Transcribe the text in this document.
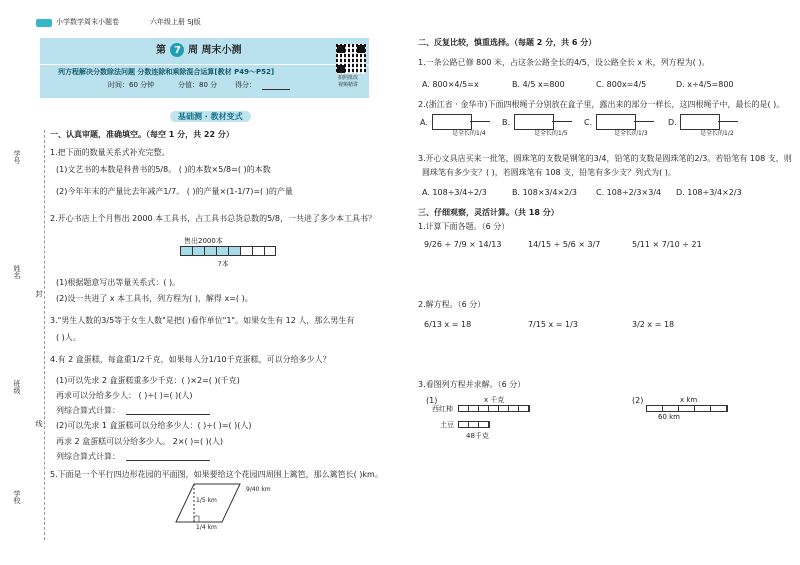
小学数学周末小题卷	六年级上册 SJ版
第 7 周 周末小测
列方程解决分数除法问题 分数连除和乘除混合运算[教材 P49～P52]
时间：60 分钟	分值：80 分	得分：
拍照批改
视频精讲
基础测 · 教材变式
学号
姓名
封
班级
线
学校
一、认真审题，准确填空。（每空 1 分，共 22 分）
1.把下面的数量关系式补充完整。
(1)文艺书的本数是科普书的5/8。 ( )的本数×5/8=( )的本数
(2)今年年末的产量比去年减产1/7。 ( )的产量×(1-1/7)=( )的产量
2.开心书店上个月售出 2000 本工具书，占工具书总货总数的5/8，一共进了多少本工具书？
售出2000本
?本
(1)根据题意写出等量关系式：( )。
(2)设一共进了 x 本工具书，列方程为( )，解得 x=( )。
3."男生人数的3/5等于女生人数"是把( )看作单位"1"。如果女生有 12 人，那么男生有
( )人。
4.有 2 盒蛋糕，每盒重1/2千克，如果每人分1/10千克蛋糕，可以分给多少人？
(1)可以先求 2 盒蛋糕重多少千克：( )×2=( )(千克)
再求可以分给多少人： ( )÷( )=( )(人)
列综合算式计算：
(2)可以先求 1 盒蛋糕可以分给多少人：( )÷( )=( )(人)
再求 2 盒蛋糕可以分给多少人。 2×( )=( )(人)
列综合算式计算：
5.下面是一个平行四边形花园的平面图，如果要给这个花园四周围上篱笆，那么篱笆长( )km。
9/40 km
1/5 km
1/4 km
二、反复比较，慎重选择。（每题 2 分，共 6 分）
1.一条公路已修 800 米，占这条公路全长的4/5，设公路全长 x 米，列方程为( )。
A. 800×4/5=x	B. 4/5 x=800	C. 800x=4/5	D. x÷4/5=800
2.(浙江省 · 金华市)下面四根绳子分别放在盒子里，露出来的部分一样长，这四根绳子中，最长的是( )。
A.
是全长的1/4
B.
是全长的1/5
C.
是全长的1/3
D.
是全长的1/2
3.开心文具店买来一批笔，圆珠笔的支数是钢笔的3/4，铅笔的支数是圆珠笔的2/3。若铅笔有 108 支，则
圆珠笔有多少支？( )，若圆珠笔有 108 支，铅笔有多少支？列式为( )。
A. 108÷3/4÷2/3	B. 108×3/4×2/3 C. 108÷2/3×3/4 D. 108÷3/4×2/3
三、仔细观察，灵活计算。（共 18 分）
1.计算下面各题。（6 分）
9/26 ÷ 7/9 × 14/13	14/15 ÷ 5/6 × 3/7	5/11 × 7/10 ÷ 21
2.解方程。（6 分）
6/13 x = 18	7/15 x = 1/3	3/2 x = 18
3.看图列方程并求解。（6 分）
(1)	x 千克
西红柿
土豆
48千克
(2)	x km
60 km
